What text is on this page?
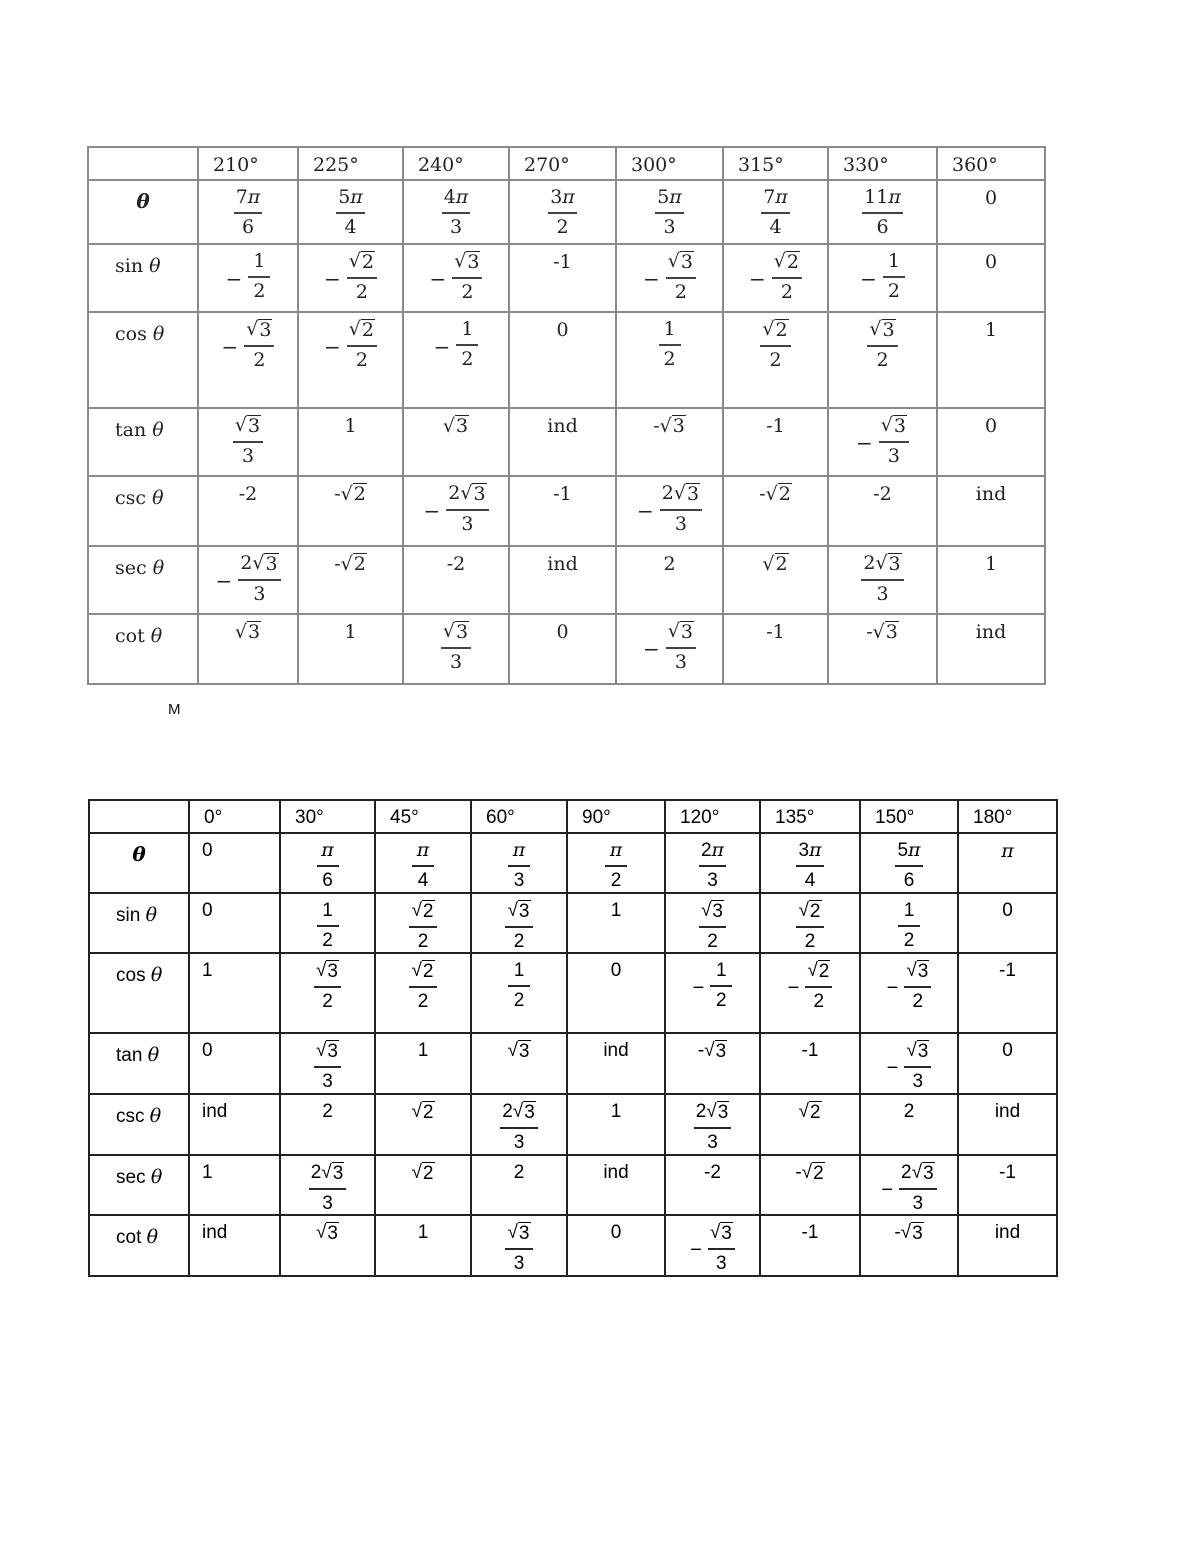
	210°	225°	240°	270°	300°	315°	330°	360°

θ	$\frac{7\pi}{6}$	$\frac{5\pi}{4}$	$\frac{4\pi}{3}$	$\frac{3\pi}{2}$	$\frac{5\pi}{3}$	$\frac{7\pi}{4}$	$\frac{11\pi}{6}$	0

sin θ	− $\frac{1}{2}$	− $\frac{√ 2}{2}$	− $\frac{√ 3}{2}$	-1	− $\frac{√ 3}{2}$	− $\frac{√ 2}{2}$	− $\frac{1}{2}$	0

cos θ	− $\frac{√ 3}{2}$	− $\frac{√ 2}{2}$	− $\frac{1}{2}$	0	$\frac{1}{2}$	$\frac{√ 2}{2}$	$\frac{√ 3}{2}$	1

tan θ	$\frac{√ 3}{3}$	1	√ 3	ind	- √ 3	-1	− $\frac{√ 3}{3}$	0

csc θ	-2	- √ 2	− $\frac{2 √ 3}{3}$	-1	− $\frac{2 √ 3}{3}$	- √ 2	-2	ind

sec θ	− $\frac{2 √ 3}{3}$	- √ 2	-2	ind	2	√ 2	$\frac{2 √ 3}{3}$	1

cot θ	√ 3	1	$\frac{√ 3}{3}$	0	− $\frac{√ 3}{3}$	-1	- √ 3	ind
M

	0°	30°	45°	60°	90°	120°	135°	150°	180°

θ	0	$\frac{\pi}{6}$	$\frac{\pi}{4}$	$\frac{\pi}{3}$	$\frac{\pi}{2}$	$\frac{2\pi}{3}$	$\frac{3\pi}{4}$	$\frac{5\pi}{6}$	π

sin θ	0	$\frac{1}{2}$	$\frac{√ 2}{2}$	$\frac{√ 3}{2}$	1	$\frac{√ 3}{2}$	$\frac{√ 2}{2}$	$\frac{1}{2}$	0

cos θ	1	$\frac{√ 3}{2}$	$\frac{√ 2}{2}$	$\frac{1}{2}$	0	− $\frac{1}{2}$	− $\frac{√ 2}{2}$	− $\frac{√ 3}{2}$	-1

tan θ	0	$\frac{√ 3}{3}$	1	√ 3	ind	- √ 3	-1	− $\frac{√ 3}{3}$	0

csc θ	ind	2	√ 2	$\frac{2 √ 3}{3}$	1	$\frac{2 √ 3}{3}$	√ 2	2	ind

sec θ	1	$\frac{2 √ 3}{3}$	√ 2	2	ind	-2	- √ 2	− $\frac{2 √ 3}{3}$	-1

cot θ	ind	√ 3	1	$\frac{√ 3}{3}$	0	− $\frac{√ 3}{3}$	-1	- √ 3	ind
